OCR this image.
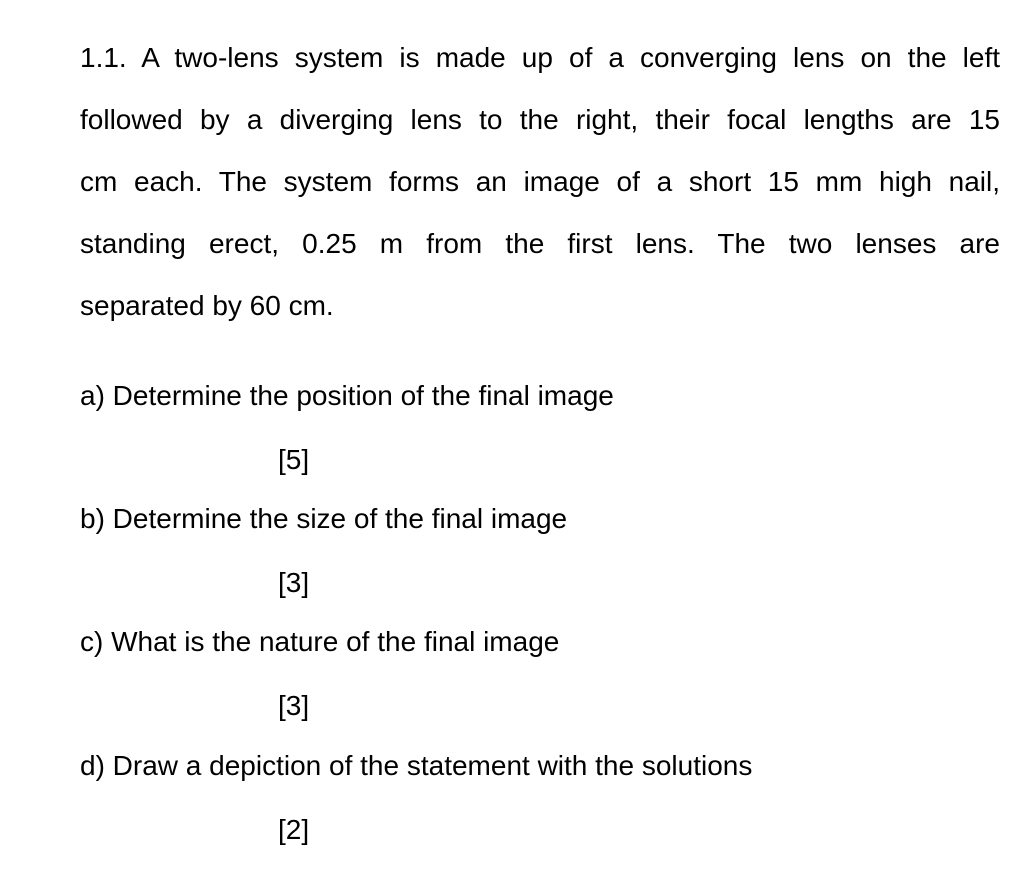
1.1. A two-lens system is made up of a converging lens on the left
followed by a diverging lens to the right, their focal lengths are 15
cm each. The system forms an image of a short 15 mm high nail,
standing erect, 0.25 m from the first lens. The two lenses are
separated by 60 cm.
a) Determine the position of the final image
[5]
b) Determine the size of the final image
[3]
c) What is the nature of the final image
[3]
d) Draw a depiction of the statement with the solutions
[2]
